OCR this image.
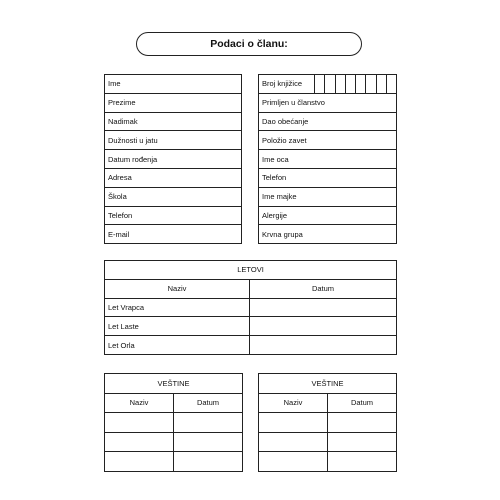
Podaci o članu:
Ime
Prezime
Nadimak
Dužnosti u jatu
Datum rođenja
Adresa
Škola
Telefon
E-mail
Broj knjižice								
Primljen u članstvo
Dao obećanje
Položio zavet
Ime oca
Telefon
Ime majke
Alergije
Krvna grupa
LETOVI	
Naziv	Datum
Let Vrapca	
Let Laste	
Let Orla	
VEŠTINE	
Naziv	Datum

VEŠTINE	
Naziv	Datum
